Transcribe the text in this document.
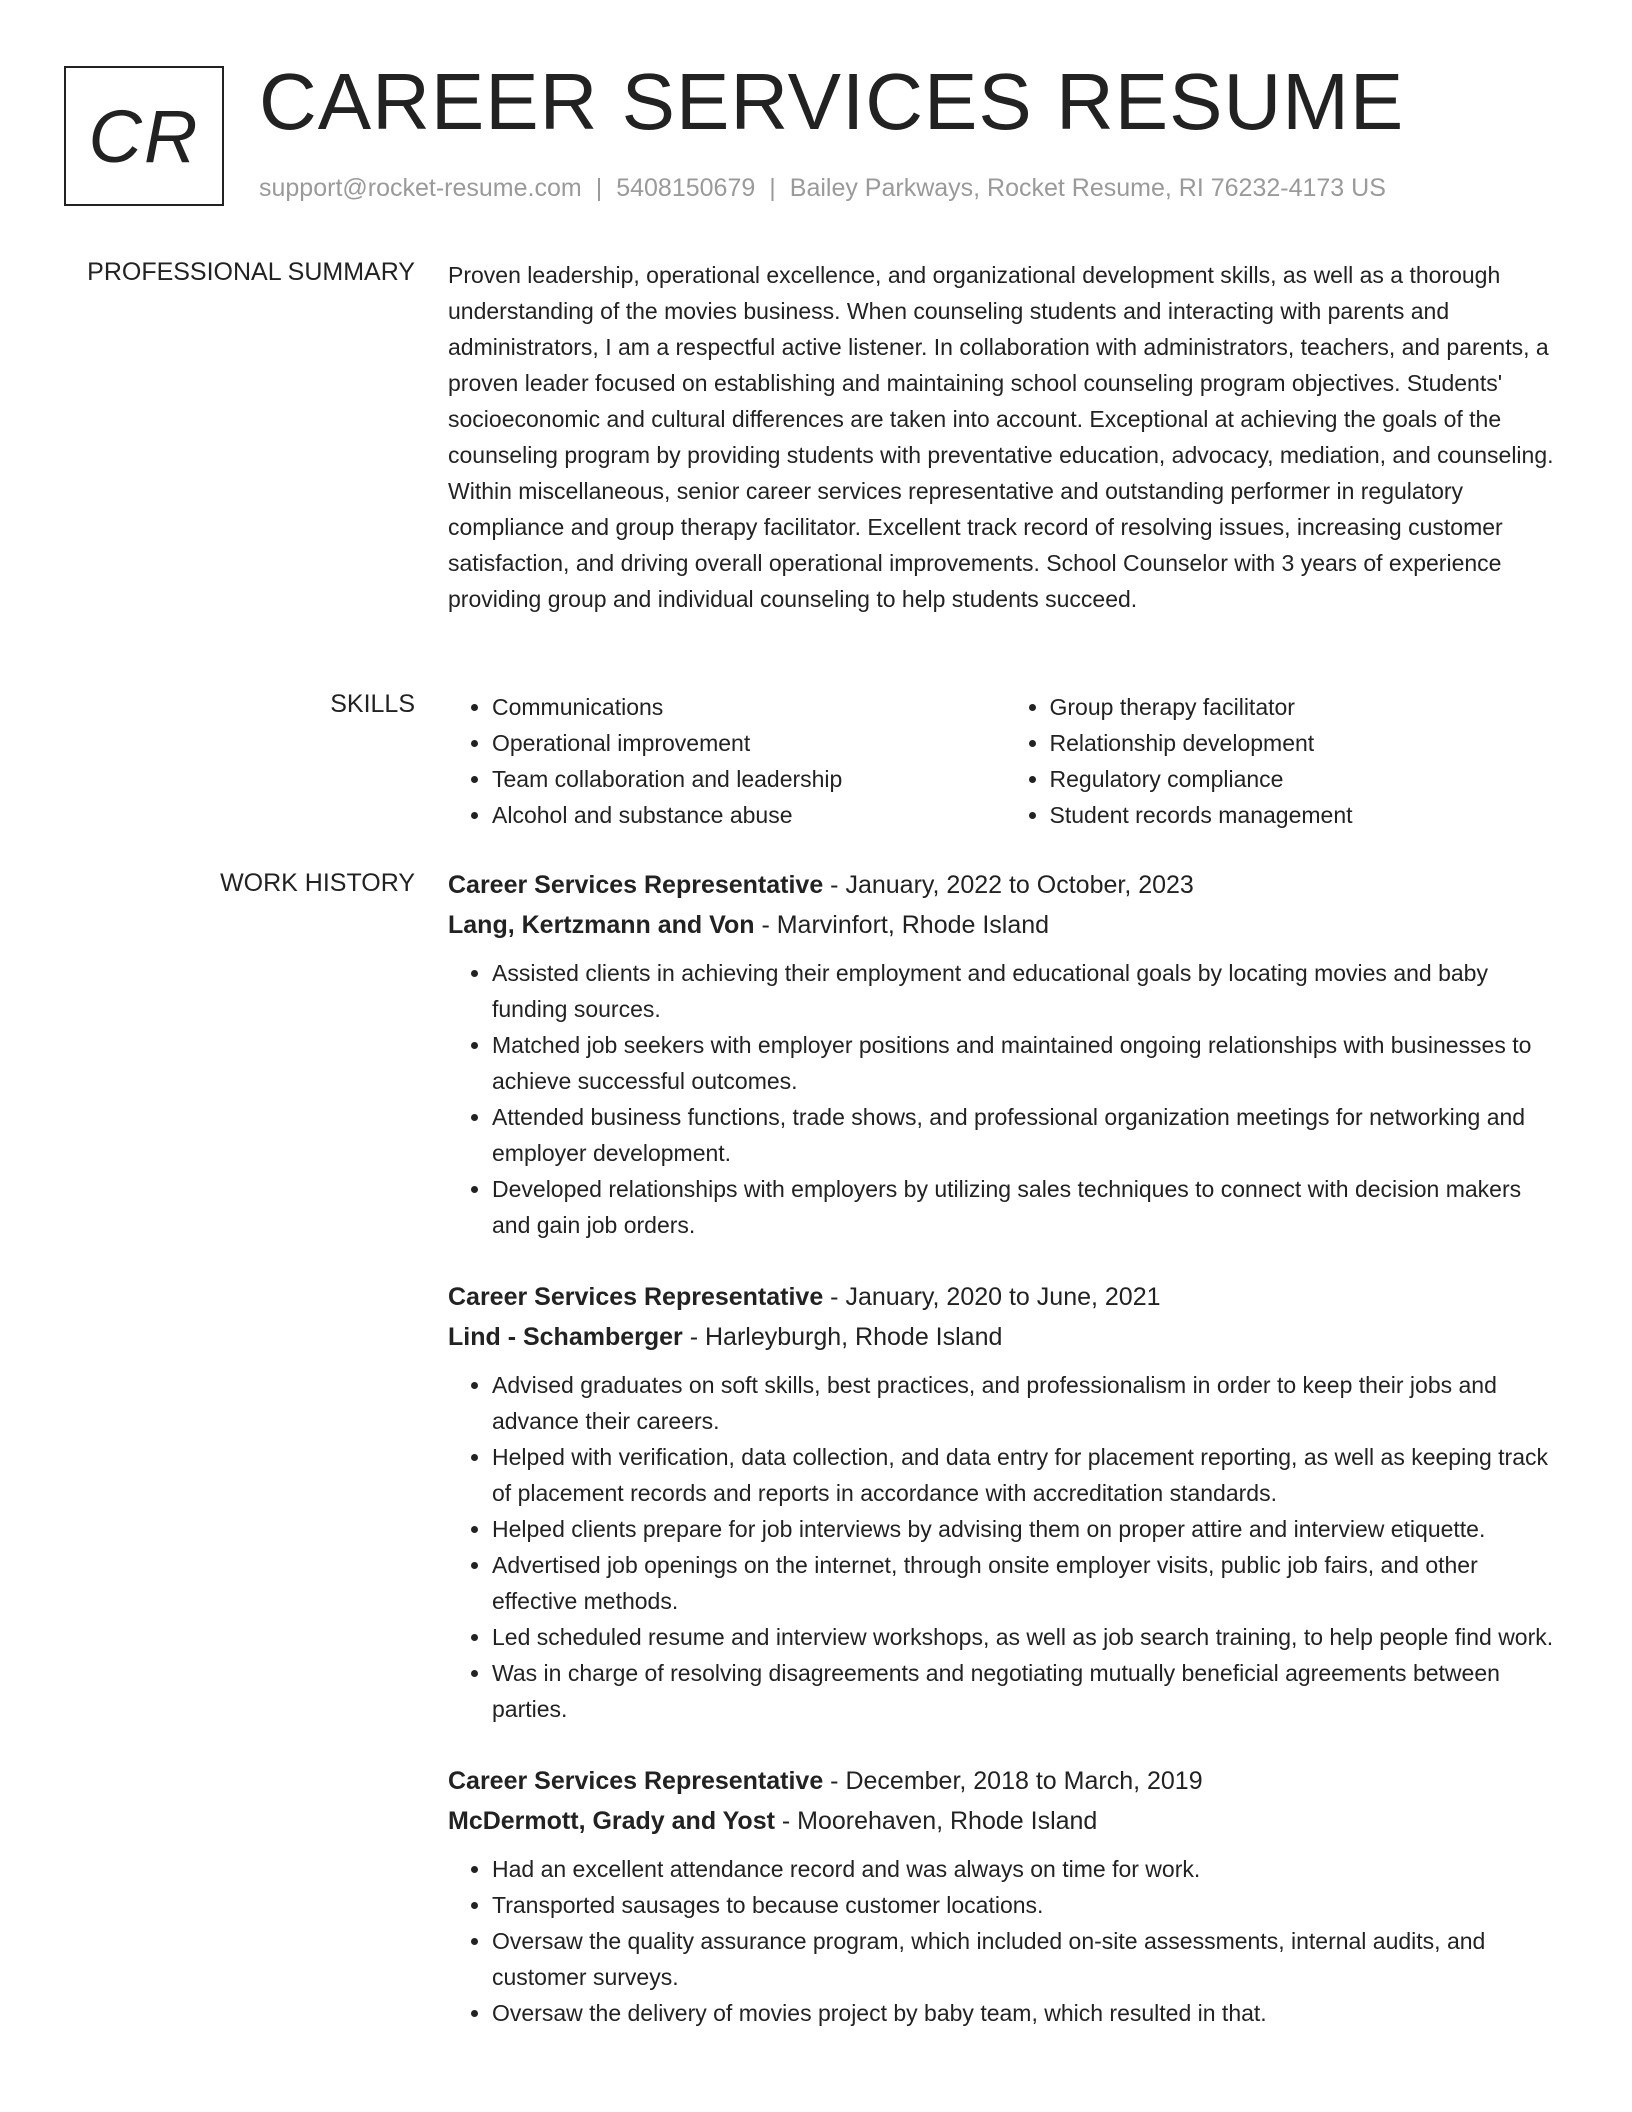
CR CAREER SERVICES RESUME
support@rocket-resume.com | 5408150679 | Bailey Parkways, Rocket Resume, RI 76232-4173 US
PROFESSIONAL SUMMARY Proven leadership, operational excellence, and organizational development skills, as well as a thorough understanding of the movies business. When counseling students and interacting with parents and administrators, I am a respectful active listener. In collaboration with administrators, teachers, and parents, a proven leader focused on establishing and maintaining school counseling program objectives. Students' socioeconomic and cultural differences are taken into account. Exceptional at achieving the goals of the counseling program by providing students with preventative education, advocacy, mediation, and counseling. Within miscellaneous, senior career services representative and outstanding performer in regulatory compliance and group therapy facilitator. Excellent track record of resolving issues, increasing customer satisfaction, and driving overall operational improvements. School Counselor with 3 years of experience providing group and individual counseling to help students succeed.

SKILLS
•	Communications
• Operational improvement
• Team collaboration and leadership
• Alcohol and substance abuse
• Group therapy facilitator
• Relationship development
• Regulatory compliance
• Student records management
WORK HISTORY Career Services Representative - January, 2022 to October, 2023
Lang, Kertzmann and Von - Marvinfort, Rhode Island
• Assisted clients in achieving their employment and educational goals by locating movies and baby funding sources.
• Matched job seekers with employer positions and maintained ongoing relationships with businesses to achieve successful outcomes.
• Attended business functions, trade shows, and professional organization meetings for networking and employer development.
• Developed relationships with employers by utilizing sales techniques to connect with decision makers and gain job orders.
Career Services Representative - January, 2020 to June, 2021
Lind - Schamberger - Harleyburgh, Rhode Island
• Advised graduates on soft skills, best practices, and professionalism in order to keep their jobs and advance their careers.
• Helped with verification, data collection, and data entry for placement reporting, as well as keeping track of placement records and reports in accordance with accreditation standards.
• Helped clients prepare for job interviews by advising them on proper attire and interview etiquette.
• Advertised job openings on the internet, through onsite employer visits, public job fairs, and other effective methods.
• Led scheduled resume and interview workshops, as well as job search training, to help people find work.
• Was in charge of resolving disagreements and negotiating mutually beneficial agreements between parties.
Career Services Representative - December, 2018 to March, 2019
McDermott, Grady and Yost - Moorehaven, Rhode Island
• Had an excellent attendance record and was always on time for work.
• Transported sausages to because customer locations.
• Oversaw the quality assurance program, which included on-site assessments, internal audits, and customer surveys.
• Oversaw the delivery of movies project by baby team, which resulted in that.
